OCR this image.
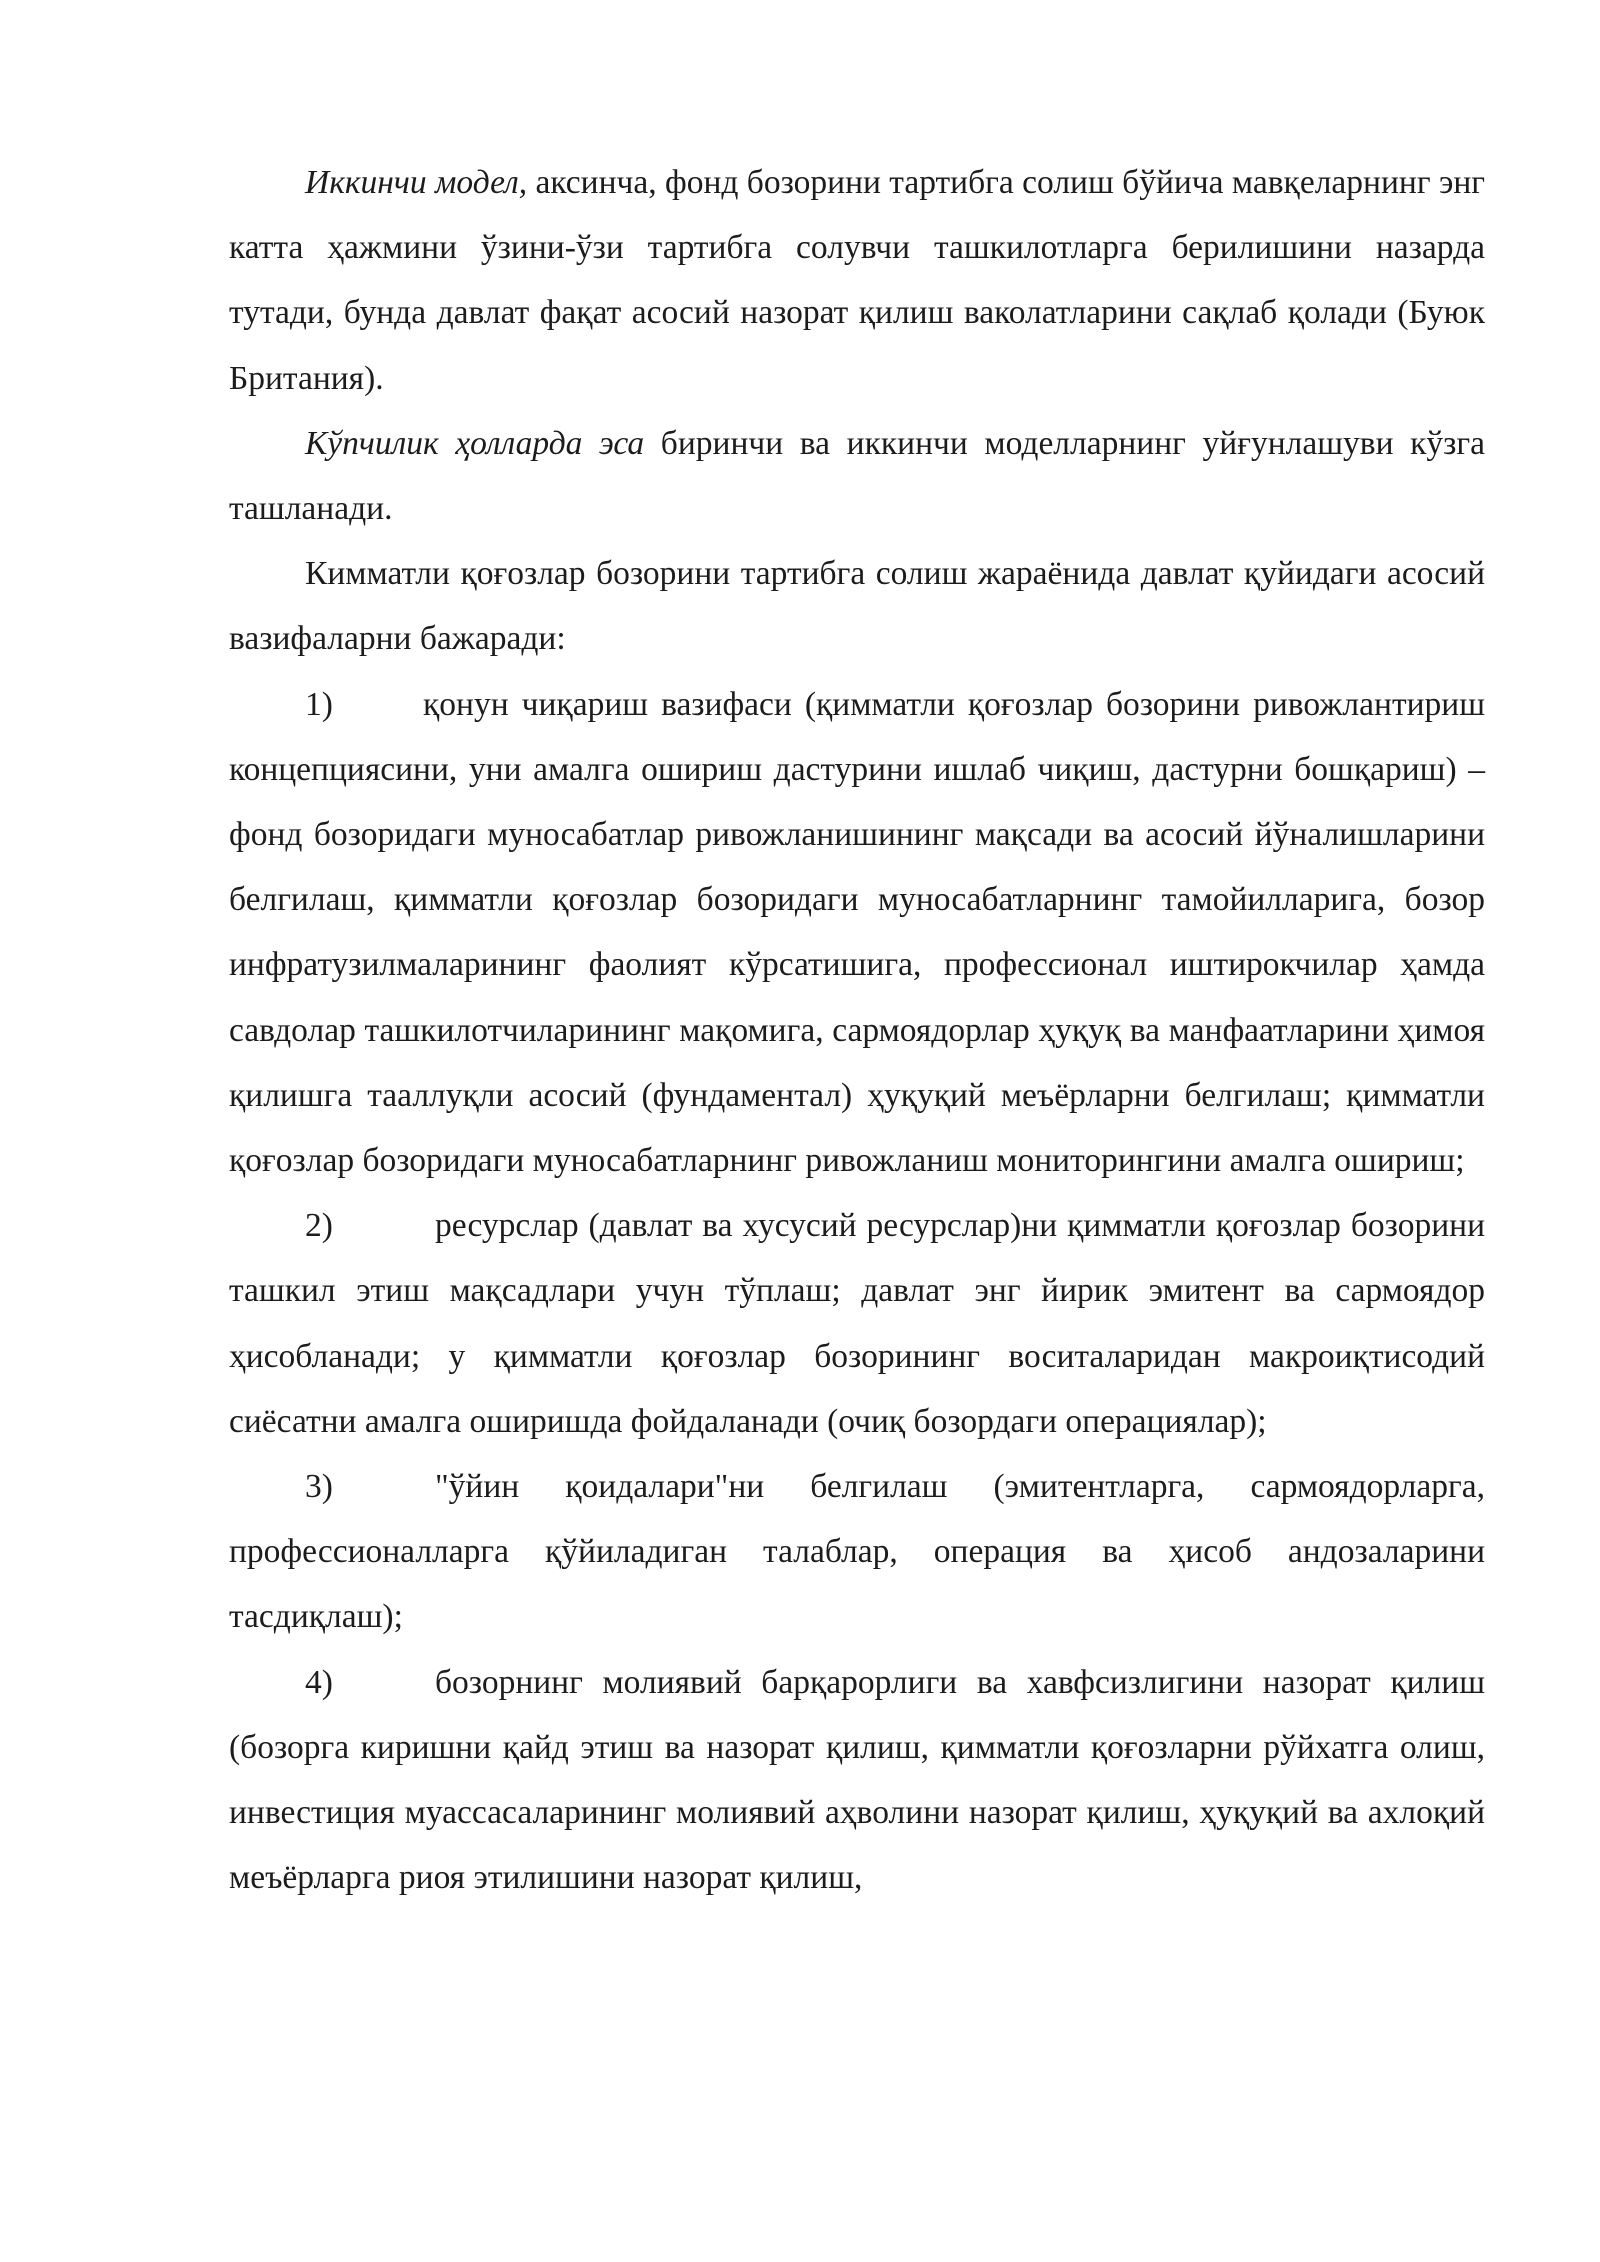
Иккинчи модел, аксинча, фонд бозорини тартибга солиш бўйича мавқеларнинг энг катта ҳажмини ўзини-ўзи тартибга солувчи ташкилотларга берилишини назарда тутади, бунда давлат фақат асосий назорат қилиш ваколатларини сақлаб қолади (Буюк Британия).

Кўпчилик ҳолларда эса биринчи ва иккинчи моделларнинг уйғунлашуви кўзга ташланади.

Кимматли қоғозлар бозорини тартибга солиш жараёнида давлат қуйидаги асосий вазифаларни бажаради:

1)	қонун чиқариш вазифаси (қимматли қоғозлар бозорини ривожлантириш концепциясини, уни амалга ошириш дастурини ишлаб чиқиш, дастурни бошқариш) – фонд бозоридаги муносабатлар ривожланишининг мақсади ва асосий йўналишларини белгилаш, қимматли қоғозлар бозоридаги муносабатларнинг тамойилларига, бозор инфратузилмаларининг фаолият кўрсатишига, профессионал иштирокчилар ҳамда савдолар ташкилотчиларининг мақомига, сармоядорлар ҳуқуқ ва манфаатларини ҳимоя қилишга тааллуқли асосий (фундаментал) ҳуқуқий меъёрларни белгилаш; қимматли қоғозлар бозоридаги муносабатларнинг ривожланиш мониторингини амалга ошириш;

2)	ресурслар (давлат ва хусусий ресурслар)ни қимматли қоғозлар бозорини ташкил этиш мақсадлари учун тўплаш; давлат энг йирик эмитент ва сармоядор ҳисобланади; у қимматли қоғозлар бозорининг воситаларидан макроиқтисодий сиёсатни амалга оширишда фойдаланади (очиқ бозордаги операциялар);

3)	"ўйин қоидалари"ни белгилаш (эмитентларга, сармоядорларга, профессионалларга қўйиладиган талаблар, операция ва ҳисоб андозаларини тасдиқлаш);

4)	бозорнинг молиявий барқарорлиги ва хавфсизлигини назорат қилиш (бозорга киришни қайд этиш ва назорат қилиш, қимматли қоғозларни рўйхатга олиш, инвестиция муассасаларининг молиявий аҳволини назорат қилиш, ҳуқуқий ва ахлоқий меъёрларга риоя этилишини назорат қилиш,
